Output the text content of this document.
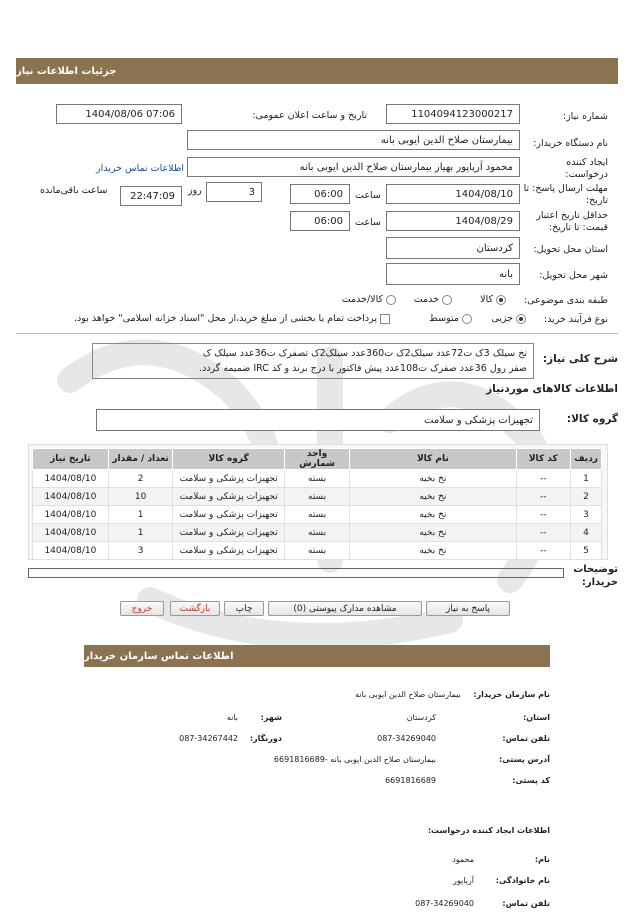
جزئیات اطلاعات نیاز
شماره نیاز:
1104094123000217
تاریخ و ساعت اعلان عمومی:
1404/08/06 07:06
نام دستگاه خریدار:
بیمارستان صلاح الدین ایوبی بانه
ایجاد کننده درخواست:
محمود آریاپور بهیار بیمارستان صلاح الدین ایوبی بانه
اطلاعات تماس خریدار
مهلت ارسال پاسخ: تا تاریخ:
1404/08/10
ساعت
06:00
3
روز
22:47:09
ساعت باقی‌مانده
حداقل تاریخ اعتبار قیمت: تا تاریخ:
1404/08/29
ساعت
06:00
استان محل تحویل:
کردستان
شهر محل تحویل:
بانه
طبقه بندی موضوعی:
کالا
خدمت
کالا/خدمت
نوع فرآیند خرید:
جزیی
متوسط
پرداخت تمام یا بخشی از مبلغ خرید،از محل "اسناد خزانه اسلامی" خواهد بود.
شرح کلی نیاز:
نخ سیلک 3ک ت72عدد سیلک2ک ت360عدد سیلک2ک تصفرک ت36عدد سیلک ک
صفر رول 36عدد صفرک ت108عدد پیش فاکتور با درج برند و کد IRC ضمیمه گردد.
اطلاعات کالاهای موردنیاز
گروه کالا:
تجهیزات پزشکی و سلامت
ردیف	کد کالا	نام کالا	واحد شمارش	گروه کالا	تعداد / مقدار	تاریخ نیاز
1	--	نخ بخیه	بسته	تجهیزات پزشکی و سلامت	2	1404/08/10
2	--	نخ بخیه	بسته	تجهیزات پزشکی و سلامت	10	1404/08/10
3	--	نخ بخیه	بسته	تجهیزات پزشکی و سلامت	1	1404/08/10
4	--	نخ بخیه	بسته	تجهیزات پزشکی و سلامت	1	1404/08/10
5	--	نخ بخیه	بسته	تجهیزات پزشکی و سلامت	3	1404/08/10
توضیحات خریدار:
پاسخ به نیاز
مشاهده مدارک پیوستی (0)
چاپ
بازگشت
خروج
اطلاعات تماس سازمان خریدار
نام سازمان خریدار: بیمارستان صلاح الدین ایوبی بانه
استان:
کردستان
شهر:
بانه
تلفن تماس:
087-34269040
دورنگار:
087-34267442
آدرس پستی:
بیمارستان صلاح الدین ایوبی بانه -6691816689
کد پستی:
6691816689
اطلاعات ایجاد کننده درخواست:
نام:
محمود
نام خانوادگی:
آریاپور
تلفن تماس:
087-34269040
